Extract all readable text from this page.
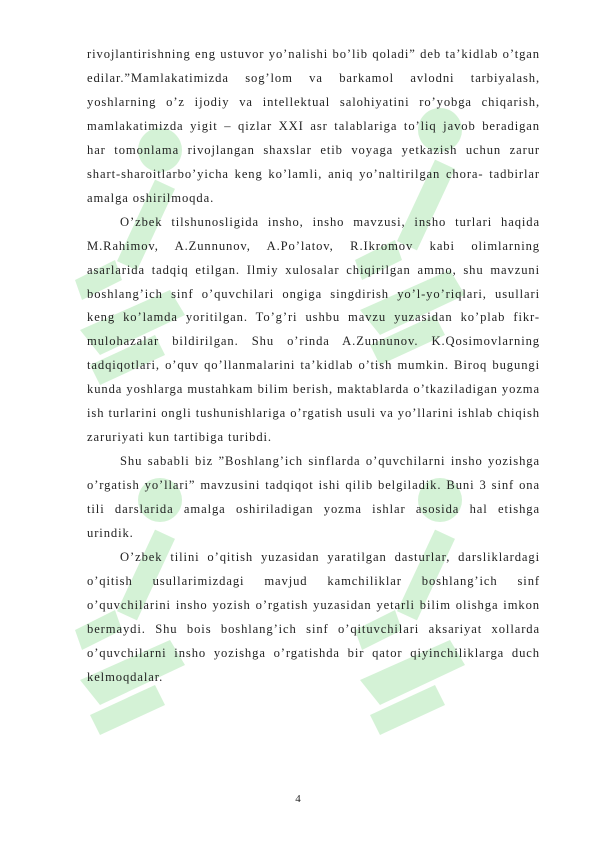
rivojlantirishning eng ustuvor yo’nalishi bo’lib qoladi” deb ta’kidlab o’tgan edilar.”Mamlakatimizda sog’lom va barkamol avlodni tarbiyalash, yoshlarning o’z ijodiy va intellektual salohiyatini ro’yobga chiqarish, mamlakatimizda yigit – qizlar XXI asr talablariga to’liq javob beradigan har tomonlama rivojlangan shaxslar etib voyaga yetkazish uchun zarur shart-sharoitlarbo’yicha keng ko’lamli, aniq yo’naltirilgan chora- tadbirlar amalga oshirilmoqda.

O’zbek tilshunosligida insho, insho mavzusi, insho turlari haqida M.Rahimov, A.Zunnunov, A.Po’latov, R.Ikromov kabi olimlarning asarlarida tadqiq etilgan. Ilmiy xulosalar chiqirilgan ammo, shu mavzuni boshlang’ich sinf o’quvchilari ongiga singdirish yo’l-yo’riqlari, usullari keng ko’lamda yoritilgan. To’g’ri ushbu mavzu yuzasidan ko’plab fikr-mulohazalar bildirilgan. Shu o’rinda A.Zunnunov. K.Qosimovlarning tadqiqotlari, o’quv qo’llanmalarini ta’kidlab o’tish mumkin. Biroq bugungi kunda yoshlarga mustahkam bilim berish, maktablarda o’tkaziladigan yozma ish turlarini ongli tushunishlariga o’rgatish usuli va yo’llarini ishlab chiqish zaruriyati kun tartibiga turibdi.

Shu sababli biz ”Boshlang’ich sinflarda o’quvchilarni insho yozishga o’rgatish yo’llari” mavzusini tadqiqot ishi qilib belgiladik. Buni 3 sinf ona tili darslarida amalga oshiriladigan yozma ishlar asosida hal etishga urindik.

O’zbek tilini o’qitish yuzasidan yaratilgan dasturlar, darsliklardagi o’qitish usullarimizdagi mavjud kamchiliklar boshlang’ich sinf o’quvchilarini insho yozish o’rgatish yuzasidan yetarli bilim olishga imkon bermaydi. Shu bois boshlang’ich sinf o’qituvchilari aksariyat xollarda o’quvchilarni insho yozishga o’rgatishda bir qator qiyinchiliklarga duch kelmoqdalar.

4
